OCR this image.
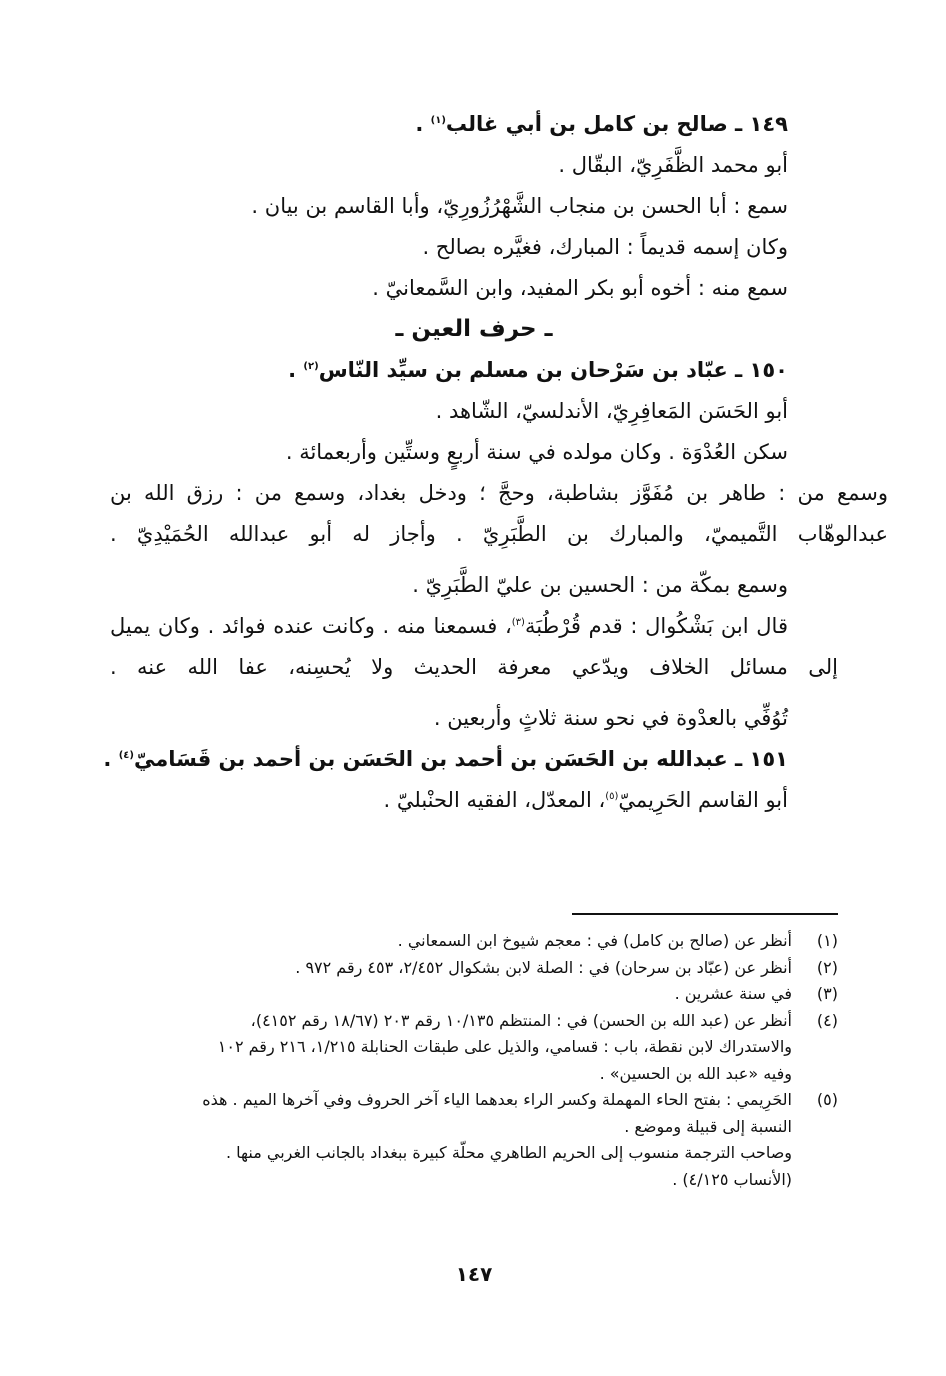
١٤٩ ـ صالح بن كامل بن أبي غالب$^{(١)}$ .
أبو محمد الظَّفَرِيّ، البقّال .
سمع : أبا الحسن بن منجاب الشَّهْرُزُورِيّ، وأبا القاسم بن بيان .
وكان إسمه قديماً : المبارك، فغيَّره بصالح .
سمع منه : أخوه أبو بكر المفيد، وابن السَّمعانيّ .
ـ حرف العين ـ
١٥٠ ـ عبّاد بن سَرْحان بن مسلم بن سيِّد النّاس$^{(٢)}$ .
أبو الحَسَن المَعافِرِيّ، الأندلسيّ، الشّاهد .
سكن العُدْوَة . وكان مولده في سنة أربعٍ وستِّين وأربعمائة .
وسمع من : طاهر بن مُفَوَّز بشاطبة، وحجَّ ؛ ودخل بغداد، وسمع من : رزق الله بن عبدالوهّاب التَّميميّ، والمبارك بن الطَّبَرِيّ . وأجاز له أبو عبدالله الحُمَيْدِيّ .
وسمع بمكّة من : الحسين بن عليّ الطَّبَرِيّ .
قال ابن بَشْكُوال : قدم قُرْطُبَة$^{(٣)}$، فسمعنا منه . وكانت عنده فوائد . وكان يميل إلى مسائل الخلاف ويدّعي معرفة الحديث ولا يُحسِنه، عفا الله عنه .
تُوُفِّي بالعدْوة في نحو سنة ثلاثٍ وأربعين .
١٥١ ـ عبدالله بن الحَسَن بن أحمد بن الحَسَن بن أحمد بن قَسَاميّ$^{(٤)}$ .
أبو القاسم الحَرِيميّ$^{(٥)}$، المعدّل، الفقيه الحنْبليّ .
(١)
أنظر عن (صالح بن كامل) في : معجم شيوخ ابن السمعاني .
(٢)
أنظر عن (عبّاد بن سرحان) في : الصلة لابن بشكوال ٢/٤٥٢، ٤٥٣ رقم ٩٧٢ .
(٣)
في سنة عشرين .
(٤)
أنظر عن (عبد الله بن الحسن) في : المنتظم ١٠/١٣٥ رقم ٢٠٣ (١٨/٦٧ رقم ٤١٥٢)،
والاستدراك لابن نقطة، باب : قسامي، والذيل على طبقات الحنابلة ١/٢١٥، ٢١٦ رقم ١٠٢
وفيه «عبد الله بن الحسين» .
(٥)
الحَرِيمي : بفتح الحاء المهملة وكسر الراء بعدهما الياء آخر الحروف وفي آخرها الميم . هذه
النسبة إلى قبيلة وموضع .
وصاحب الترجمة منسوب إلى الحريم الطاهري محلّة كبيرة ببغداد بالجانب الغربي منها .
(الأنساب ٤/١٢٥) .
١٤٧
